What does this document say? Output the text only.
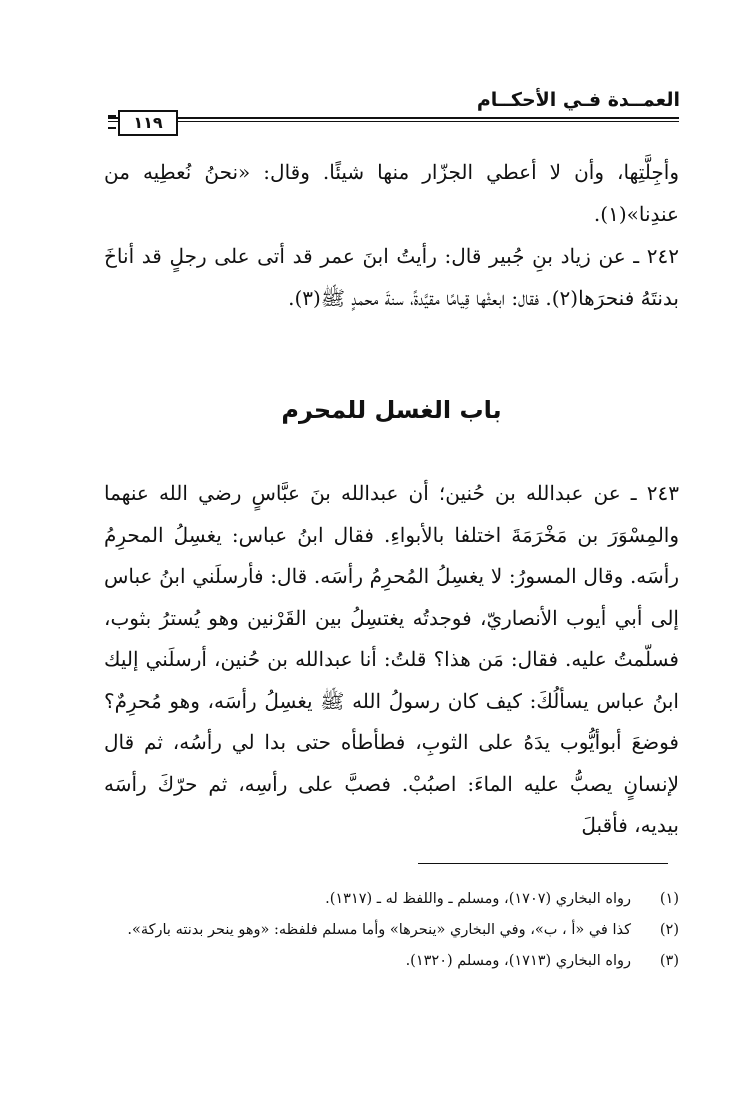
العمــدة فـي الأحكــام
١١٩
وأجِلَّتِها، وأن لا أعطي الجزّار منها شيئًا. وقال: «نحنُ نُعطِيه من عندِنا»(١).
٢٤٢ ـ عن زياد بنِ جُبير قال: رأيتُ ابنَ عمر قد أتى على رجلٍ قد أناخَ بدنتَهُ فنحرَها(٢). فقال: ابعثْها قِيامًا مقيَّدةً، سنةَ محمدٍ ﷺ(٣).
باب الغسل للمحرم
٢٤٣ ـ عن عبدالله بن حُنين؛ أن عبدالله بنَ عبَّاسٍ رضي الله عنهما والمِسْوَرَ بن مَخْرَمَةَ اختلفا بالأبواءِ. فقال ابنُ عباس: يغسِلُ المحرِمُ رأسَه. وقال المسورُ: لا يغسِلُ المُحرِمُ رأسَه. قال: فأرسلَني ابنُ عباس إلى أبي أيوب الأنصاريّ، فوجدتُه يغتسِلُ بين القَرْنين وهو يُسترُ بثوب، فسلّمتُ عليه. فقال: مَن هذا؟ قلتُ: أنا عبدالله بن حُنين، أرسلَني إليك ابنُ عباس يسألُكَ: كيف كان رسولُ الله ﷺ يغسِلُ رأسَه، وهو مُحرِمٌ؟ فوضعَ أبوأيُّوب يدَهُ على الثوبِ، فطأطأه حتى بدا لي رأسُه، ثم قال لإنسانٍ يصبُّ عليه الماءَ: اصبُبْ. فصبَّ على رأسِه، ثم حرّكَ رأسَه بيديه، فأقبلَ
(١)
رواه البخاري (١٧٠٧)، ومسلم ـ واللفظ له ـ (١٣١٧).
(٢)
كذا في «أ ، ب»، وفي البخاري «ينحرها» وأما مسلم فلفظه: «وهو ينحر بدنته باركة».
(٣)
رواه البخاري (١٧١٣)، ومسلم (١٣٢٠).
